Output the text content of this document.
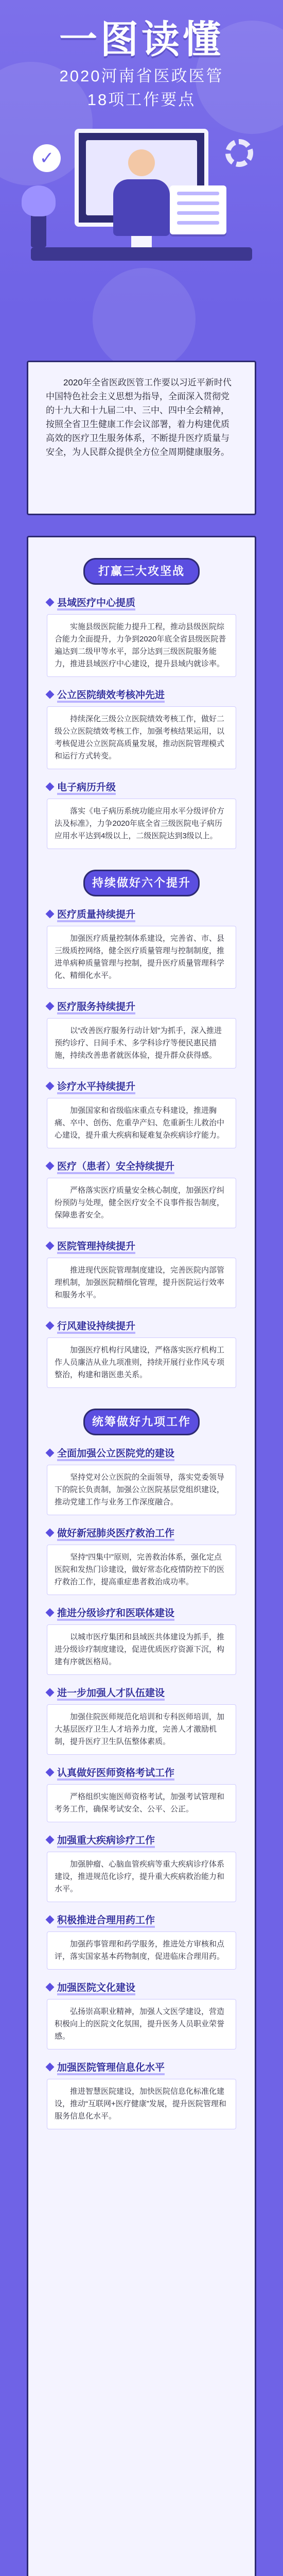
一图读懂
2020河南省医政医管
18项工作要点
✓
2020年全省医政医管工作要以习近平新时代中国特色社会主义思想为指导，全面深入贯彻党的十九大和十九届二中、三中、四中全会精神，按照全省卫生健康工作会议部署，着力构建优质高效的医疗卫生服务体系，不断提升医疗质量与安全，为人民群众提供全方位全周期健康服务。
打赢三大攻坚战
县域医疗中心提质
实施县级医院能力提升工程，推动县级医院综合能力全面提升，力争到2020年底全省县级医院普遍达到二级甲等水平，部分达到三级医院服务能力，推进县域医疗中心建设，提升县域内就诊率。
公立医院绩效考核冲先进
持续深化三级公立医院绩效考核工作，做好二级公立医院绩效考核工作，加强考核结果运用，以考核促进公立医院高质量发展，推动医院管理模式和运行方式转变。
电子病历升级
落实《电子病历系统功能应用水平分级评价方法及标准》，力争2020年底全省三级医院电子病历应用水平达到4级以上，二级医院达到3级以上。
持续做好六个提升
医疗质量持续提升
加强医疗质量控制体系建设，完善省、市、县三级质控网络，健全医疗质量管理与控制制度，推进单病种质量管理与控制，提升医疗质量管理科学化、精细化水平。
医疗服务持续提升
以“改善医疗服务行动计划”为抓手，深入推进预约诊疗、日间手术、多学科诊疗等便民惠民措施，持续改善患者就医体验，提升群众获得感。
诊疗水平持续提升
加强国家和省级临床重点专科建设，推进胸痛、卒中、创伤、危重孕产妇、危重新生儿救治中心建设，提升重大疾病和疑难复杂疾病诊疗能力。
医疗（患者）安全持续提升
严格落实医疗质量安全核心制度，加强医疗纠纷预防与处理，健全医疗安全不良事件报告制度，保障患者安全。
医院管理持续提升
推进现代医院管理制度建设，完善医院内部管理机制，加强医院精细化管理，提升医院运行效率和服务水平。
行风建设持续提升
加强医疗机构行风建设，严格落实医疗机构工作人员廉洁从业九项准则，持续开展行业作风专项整治，构建和谐医患关系。
统筹做好九项工作
全面加强公立医院党的建设
坚持党对公立医院的全面领导，落实党委领导下的院长负责制，加强公立医院基层党组织建设，推动党建工作与业务工作深度融合。
做好新冠肺炎医疗救治工作
坚持“四集中”原则，完善救治体系，强化定点医院和发热门诊建设，做好常态化疫情防控下的医疗救治工作，提高重症患者救治成功率。
推进分级诊疗和医联体建设
以城市医疗集团和县域医共体建设为抓手，推进分级诊疗制度建设，促进优质医疗资源下沉，构建有序就医格局。
进一步加强人才队伍建设
加强住院医师规范化培训和专科医师培训，加大基层医疗卫生人才培养力度，完善人才激励机制，提升医疗卫生队伍整体素质。
认真做好医师资格考试工作
严格组织实施医师资格考试，加强考试管理和考务工作，确保考试安全、公平、公正。
加强重大疾病诊疗工作
加强肿瘤、心脑血管疾病等重大疾病诊疗体系建设，推进规范化诊疗，提升重大疾病救治能力和水平。
积极推进合理用药工作
加强药事管理和药学服务，推进处方审核和点评，落实国家基本药物制度，促进临床合理用药。
加强医院文化建设
弘扬崇高职业精神，加强人文医学建设，营造积极向上的医院文化氛围，提升医务人员职业荣誉感。
加强医院管理信息化水平
推进智慧医院建设，加快医院信息化标准化建设，推动“互联网+医疗健康”发展，提升医院管理和服务信息化水平。
